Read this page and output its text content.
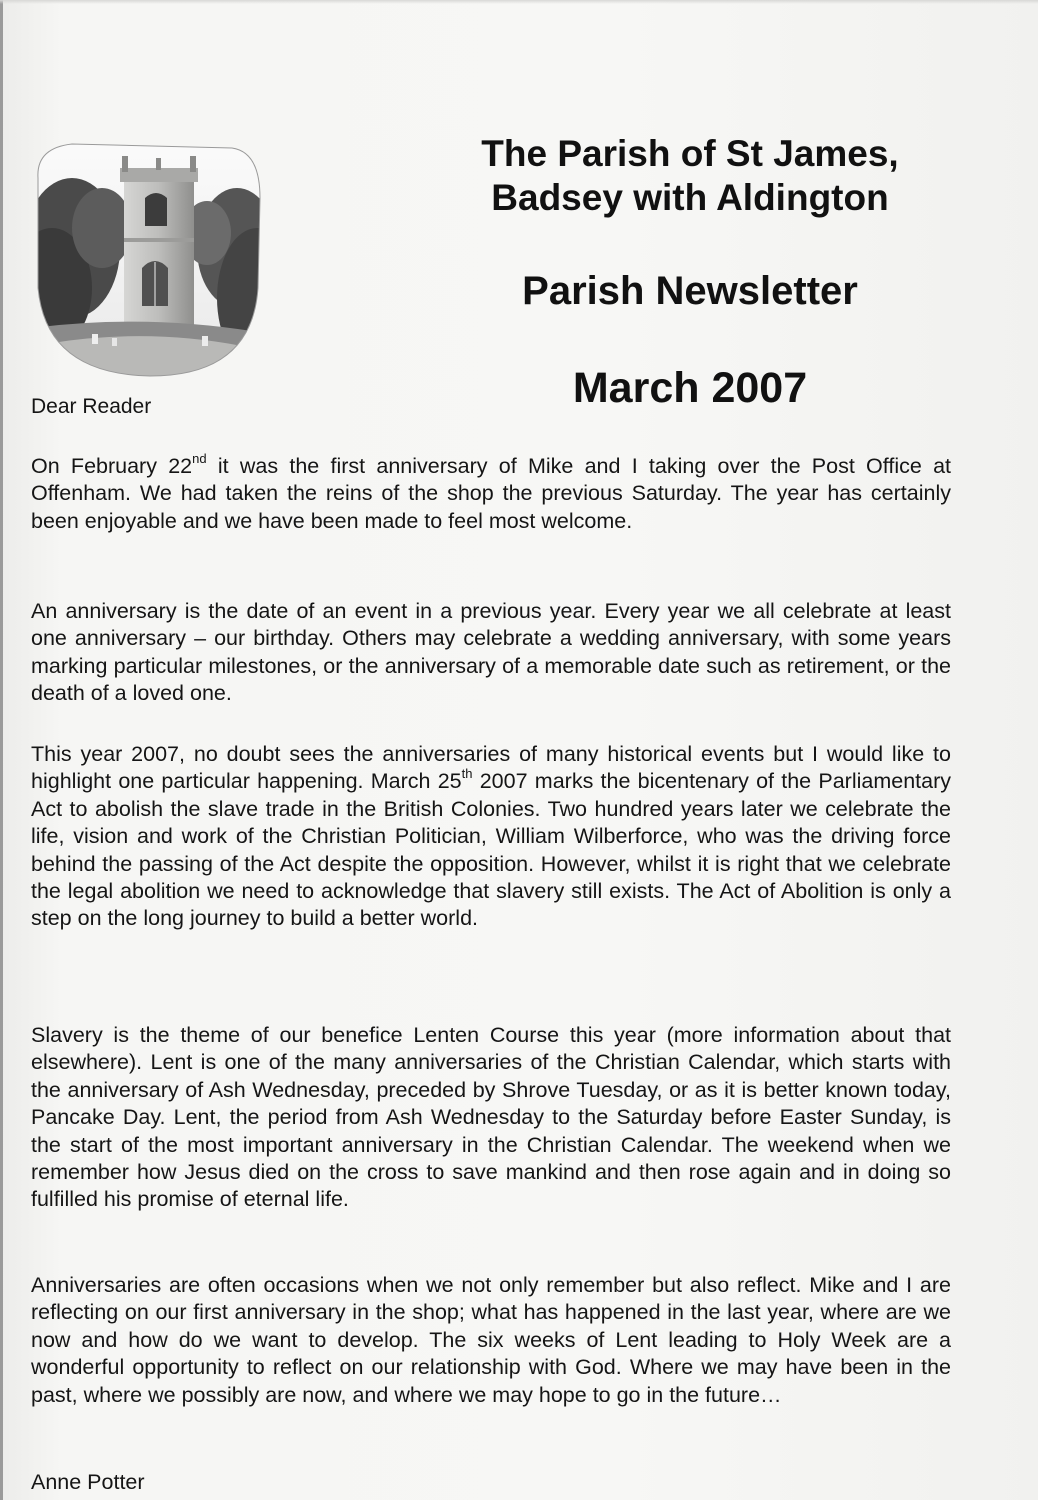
The Parish of St James,
Badsey with Aldington
Parish Newsletter
March 2007
Dear Reader
On February 22nd it was the first anniversary of Mike and I taking over the Post Office at Offenham. We had taken the reins of the shop the previous Saturday. The year has certainly been enjoyable and we have been made to feel most welcome.
An anniversary is the date of an event in a previous year. Every year we all celebrate at least one anniversary – our birthday. Others may celebrate a wedding anniversary, with some years marking particular milestones, or the anniversary of a memorable date such as retirement, or the death of a loved one.
This year 2007, no doubt sees the anniversaries of many historical events but I would like to highlight one particular happening. March 25th 2007 marks the bicentenary of the Parliamentary Act to abolish the slave trade in the British Colonies. Two hundred years later we celebrate the life, vision and work of the Christian Politician, William Wilberforce, who was the driving force behind the passing of the Act despite the opposition. However, whilst it is right that we celebrate the legal abolition we need to acknowledge that slavery still exists. The Act of Abolition is only a step on the long journey to build a better world.
Slavery is the theme of our benefice Lenten Course this year (more information about that elsewhere). Lent is one of the many anniversaries of the Christian Calendar, which starts with the anniversary of Ash Wednesday, preceded by Shrove Tuesday, or as it is better known today, Pancake Day. Lent, the period from Ash Wednesday to the Saturday before Easter Sunday, is the start of the most important anniversary in the Christian Calendar. The weekend when we remember how Jesus died on the cross to save mankind and then rose again and in doing so fulfilled his promise of eternal life.
Anniversaries are often occasions when we not only remember but also reflect. Mike and I are reflecting on our first anniversary in the shop; what has happened in the last year, where are we now and how do we want to develop. The six weeks of Lent leading to Holy Week are a wonderful opportunity to reflect on our relationship with God. Where we may have been in the past, where we possibly are now, and where we may hope to go in the future…
Anne Potter
